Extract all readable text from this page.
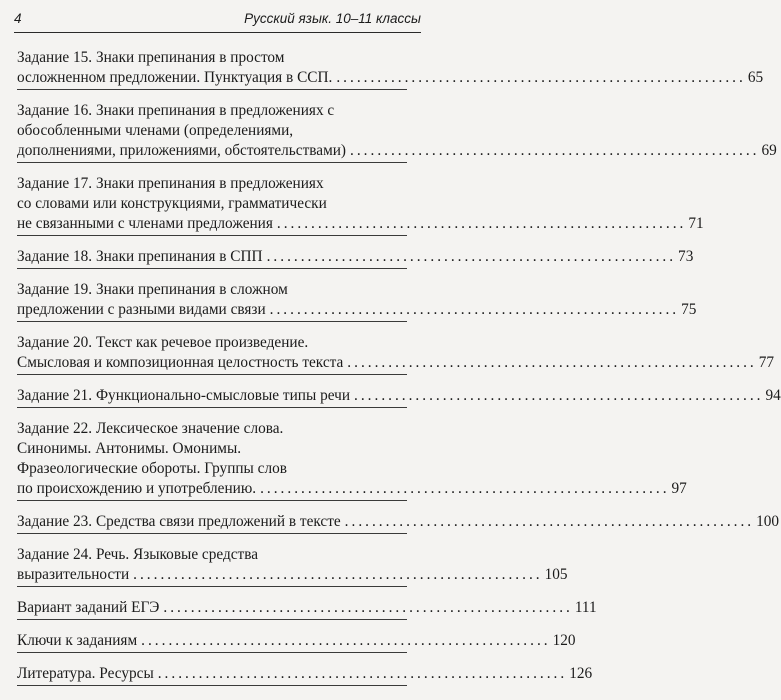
4	Русский язык. 10–11 классы
Задание 15. Знаки препинания в простом
осложненном предложении. Пунктуация в ССП. ............................................................ 65
Задание 16. Знаки препинания в предложениях с
обособленными членами (определениями,
дополнениями, приложениями, обстоятельствами) ............................................................ 69
Задание 17. Знаки препинания в предложениях
со словами или конструкциями, грамматически
не связанными с членами предложения ............................................................ 71
Задание 18. Знаки препинания в СПП ............................................................ 73
Задание 19. Знаки препинания в сложном
предложении с разными видами связи ............................................................ 75
Задание 20. Текст как речевое произведение.
Смысловая и композиционная целостность текста ............................................................ 77
Задание 21. Функционально-смысловые типы речи ............................................................ 94
Задание 22. Лексическое значение слова.
Синонимы. Антонимы. Омонимы.
Фразеологические обороты. Группы слов
по происхождению и употреблению. ............................................................ 97
Задание 23. Средства связи предложений в тексте ............................................................ 100
Задание 24. Речь. Языковые средства
выразительности ............................................................ 105
Вариант заданий ЕГЭ ............................................................ 111
Ключи к заданиям ............................................................ 120
Литература. Ресурсы ............................................................ 126
